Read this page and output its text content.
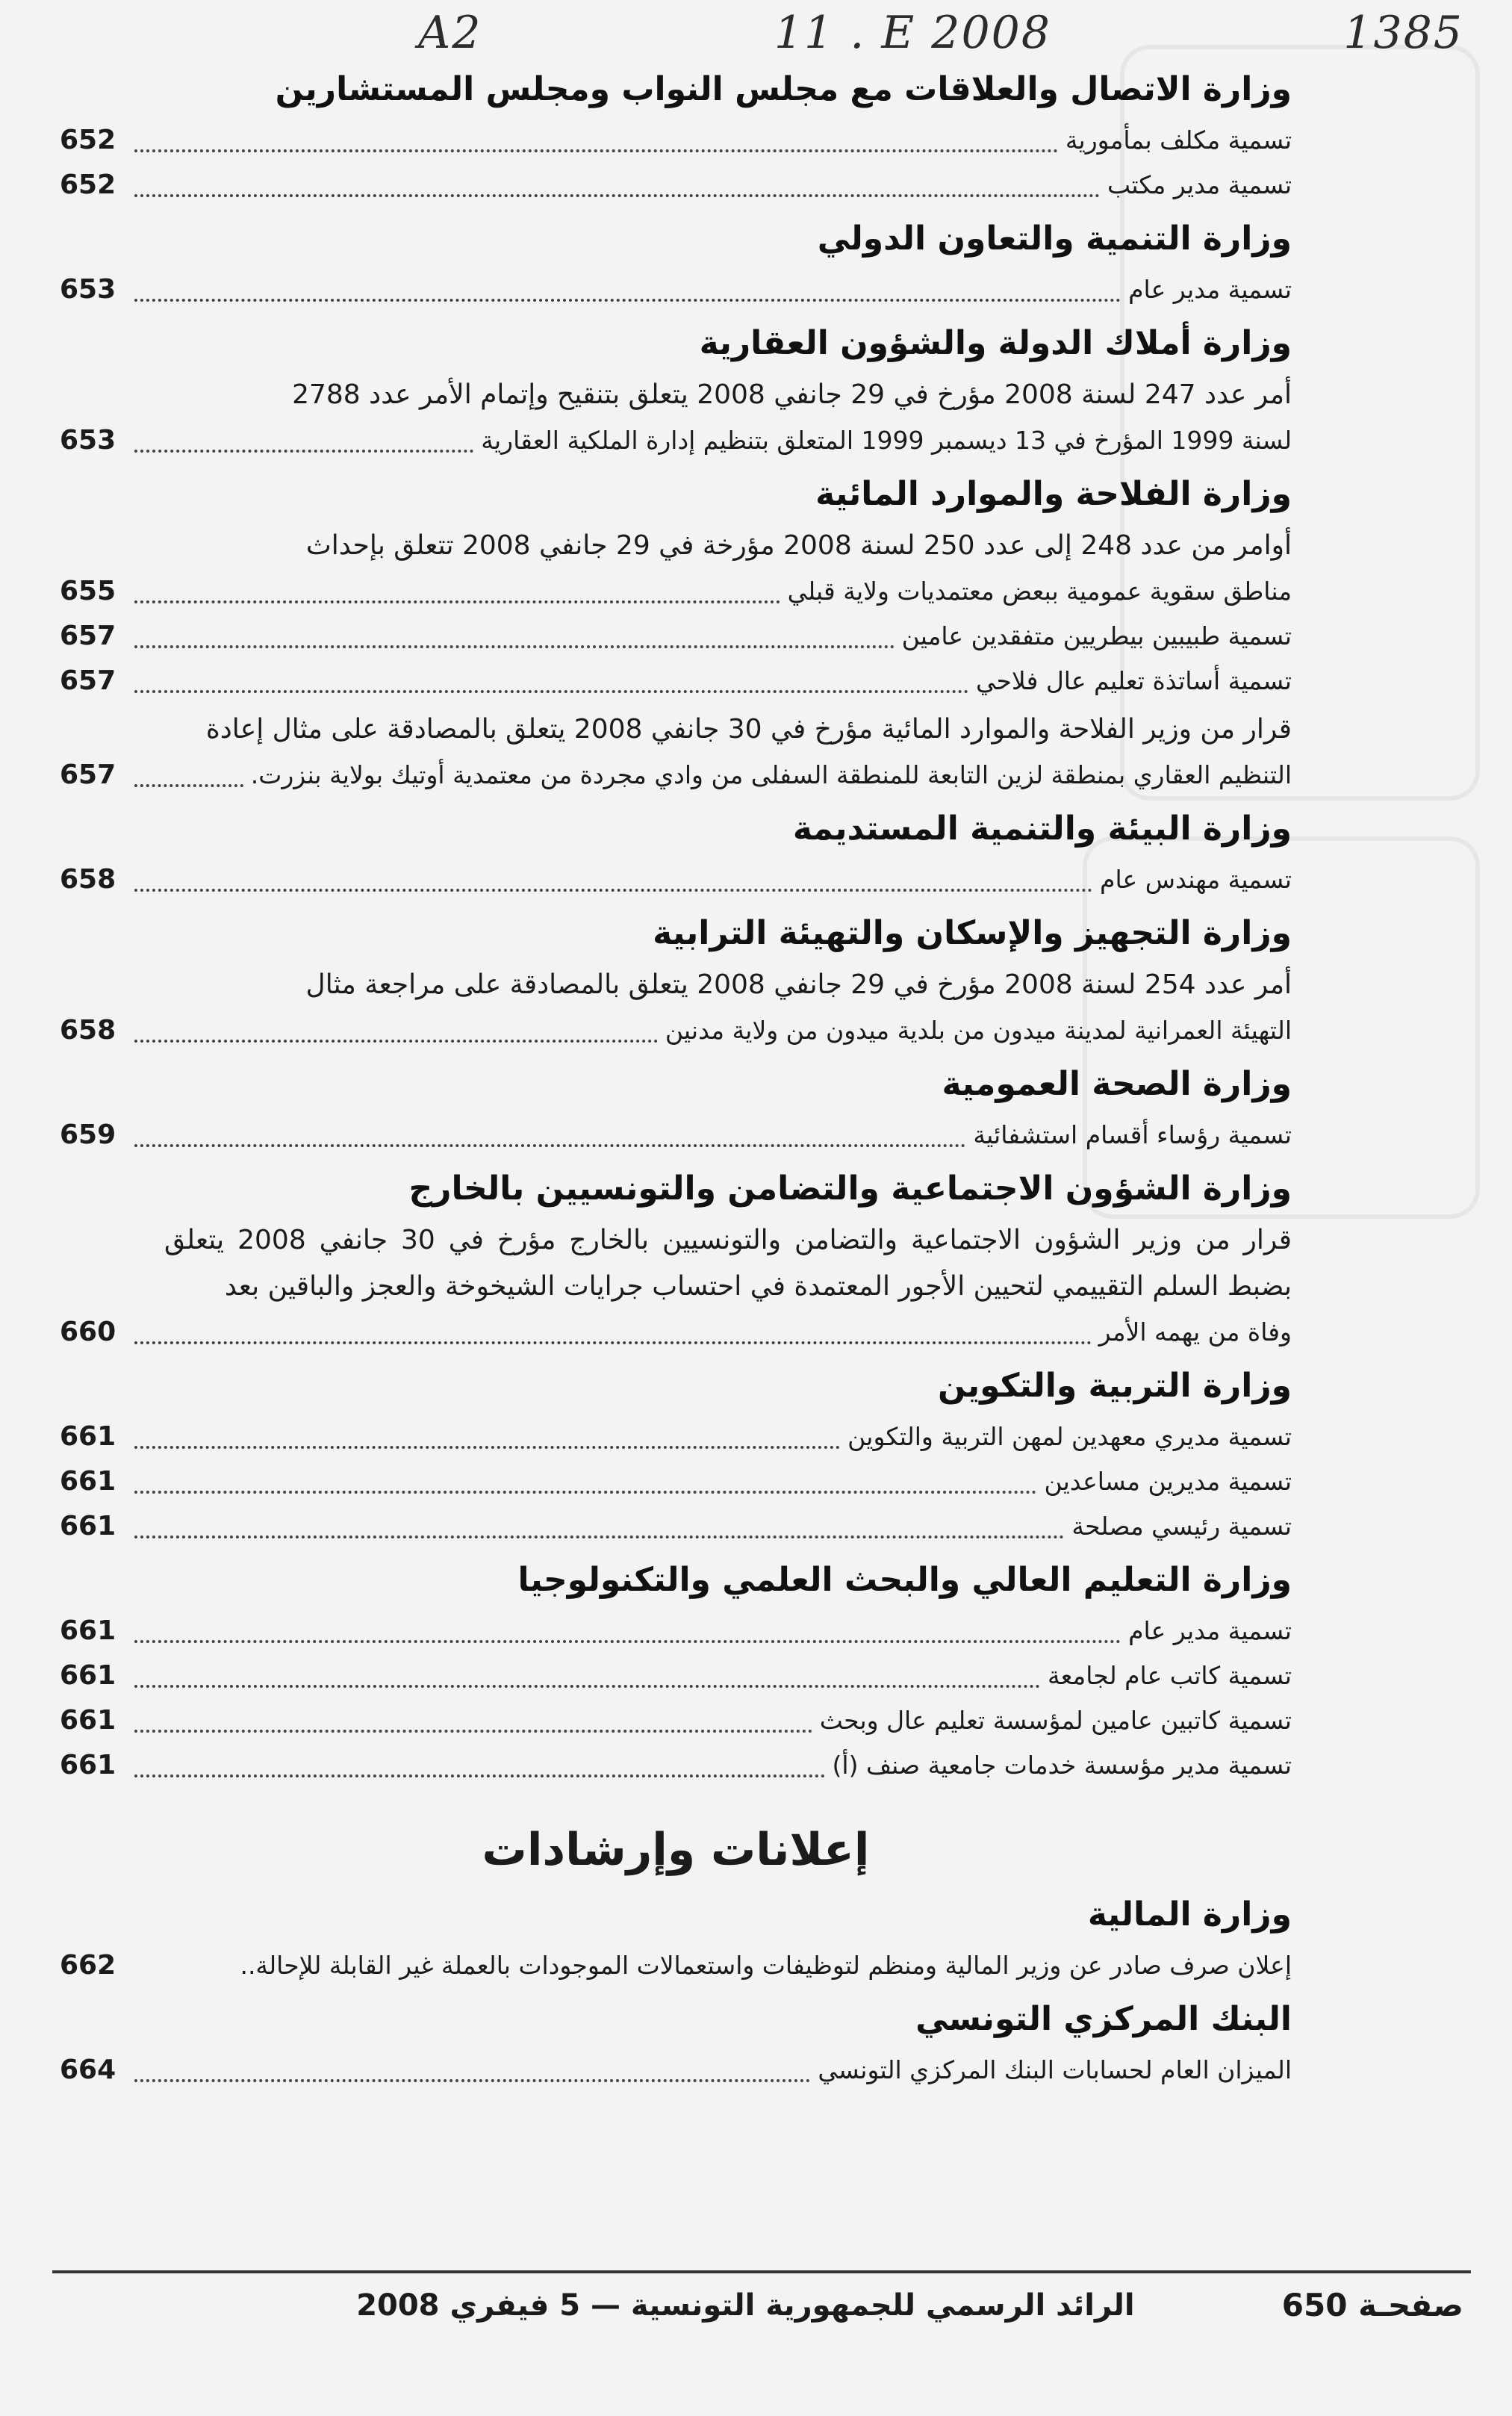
A2	11 . E 2008	1385
وزارة الاتصال والعلاقات مع مجلس النواب ومجلس المستشارين
تسمية مكلف بمأمورية
652
تسمية مدير مكتب
652
وزارة التنمية والتعاون الدولي
تسمية مدير عام
653
وزارة أملاك الدولة والشؤون العقارية
أمر عدد 247 لسنة 2008 مؤرخ في 29 جانفي 2008 يتعلق بتنقيح وإتمام الأمر عدد 2788
لسنة 1999 المؤرخ في 13 ديسمبر 1999 المتعلق بتنظيم إدارة الملكية العقارية
653
وزارة الفلاحة والموارد المائية
أوامر من عدد 248 إلى عدد 250 لسنة 2008 مؤرخة في 29 جانفي 2008 تتعلق بإحداث
مناطق سقوية عمومية ببعض معتمديات ولاية قبلي
655
تسمية طبيبين بيطريين متفقدين عامين
657
تسمية أساتذة تعليم عال فلاحي
657
قرار من وزير الفلاحة والموارد المائية مؤرخ في 30 جانفي 2008 يتعلق بالمصادقة على مثال إعادة
التنظيم العقاري بمنطقة لزين التابعة للمنطقة السفلى من وادي مجردة من معتمدية أوتيك بولاية بنزرت.
657
وزارة البيئة والتنمية المستديمة
تسمية مهندس عام
658
وزارة التجهيز والإسكان والتهيئة الترابية
أمر عدد 254 لسنة 2008 مؤرخ في 29 جانفي 2008 يتعلق بالمصادقة على مراجعة مثال
التهيئة العمرانية لمدينة ميدون من بلدية ميدون من ولاية مدنين
658
وزارة الصحة العمومية
تسمية رؤساء أقسام استشفائية
659
وزارة الشؤون الاجتماعية والتضامن والتونسيين بالخارج
قرار من وزير الشؤون الاجتماعية والتضامن والتونسيين بالخارج مؤرخ في 30 جانفي 2008 يتعلق بضبط السلم التقييمي لتحيين الأجور المعتمدة في احتساب جرايات الشيخوخة والعجز والباقين بعد
وفاة من يهمه الأمر
660
وزارة التربية والتكوين
تسمية مديري معهدين لمهن التربية والتكوين
661
تسمية مديرين مساعدين
661
تسمية رئيسي مصلحة
661
وزارة التعليم العالي والبحث العلمي والتكنولوجيا
تسمية مدير عام
661
تسمية كاتب عام لجامعة
661
تسمية كاتبين عامين لمؤسسة تعليم عال وبحث
661
تسمية مدير مؤسسة خدمات جامعية صنف (أ)
661
إعلانات وإرشادات
وزارة المالية
إعلان صرف صادر عن وزير المالية ومنظم لتوظيفات واستعمالات الموجودات بالعملة غير القابلة للإحالة..
662
البنك المركزي التونسي
الميزان العام لحسابات البنك المركزي التونسي
664
صفحـة 650
الرائد الرسمي للجمهورية التونسية — 5 فيفري 2008
